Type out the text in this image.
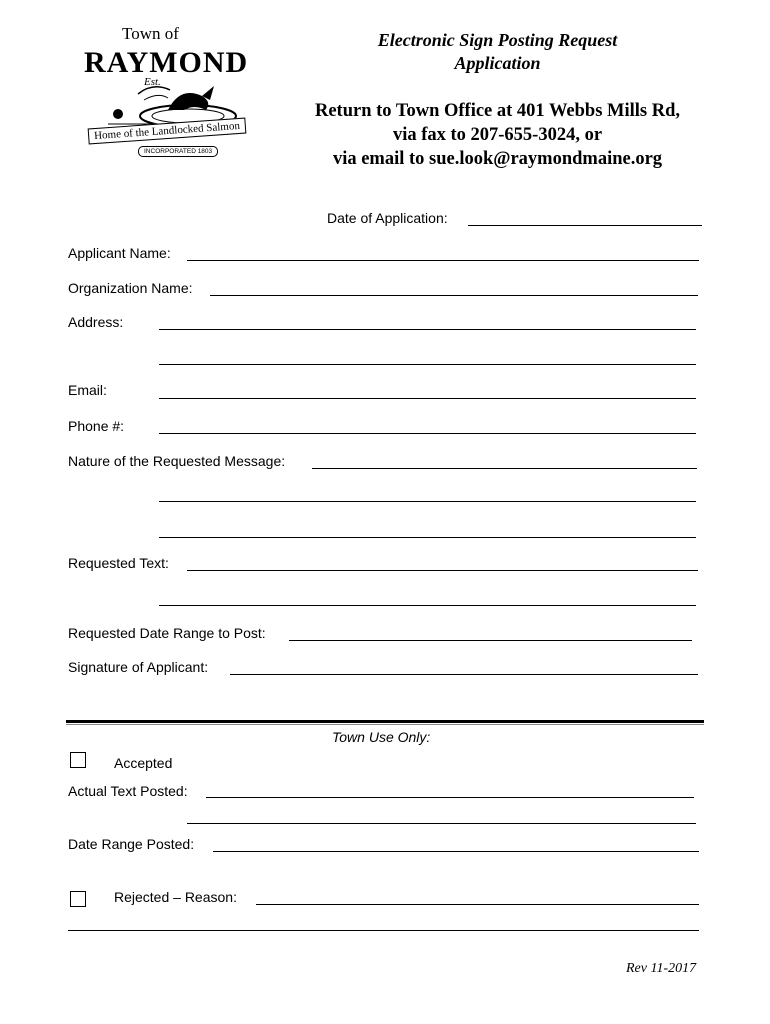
Town of
RAYMOND
Est.
Home of the Landlocked Salmon
INCORPORATED 1803
Electronic Sign Posting Request
Application
Return to Town Office at 401 Webbs Mills Rd,
via fax to 207-655-3024, or
via email to sue.look@raymondmaine.org
Date of Application:
Applicant Name:
Organization Name:
Address:
Email:
Phone #:
Nature of the Requested Message:
Requested Text:
Requested Date Range to Post:
Signature of Applicant:
Town Use Only:
Accepted
Actual Text Posted:
Date Range Posted:
Rejected – Reason:
Rev 11-2017
